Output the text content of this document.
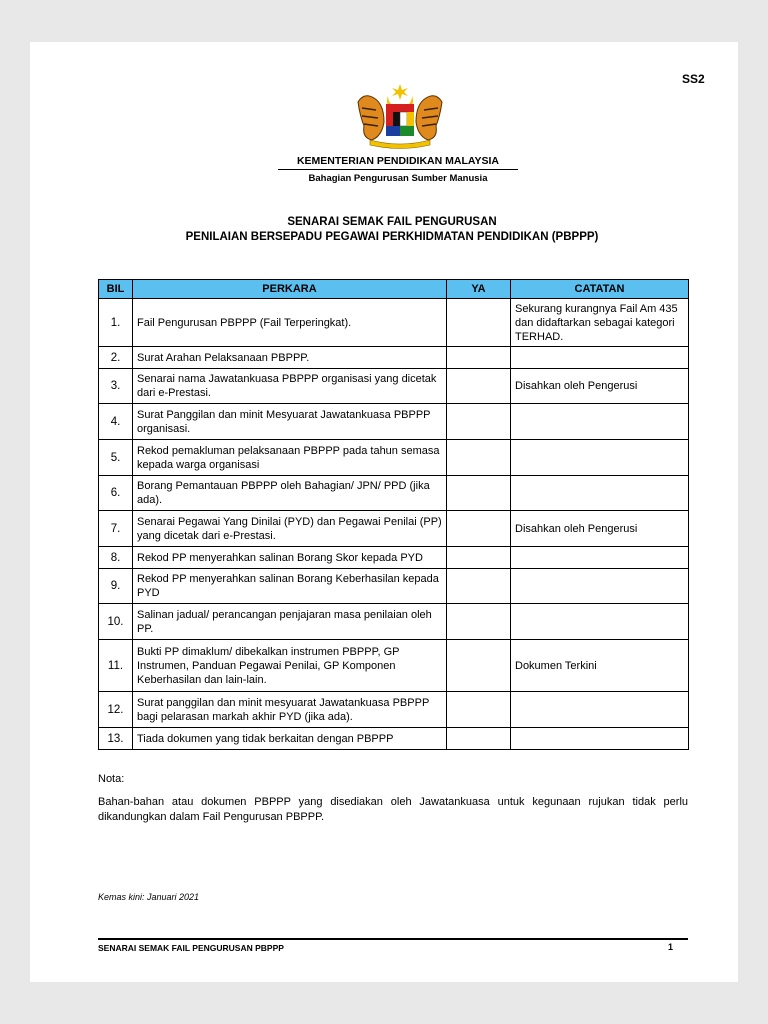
SS2
KEMENTERIAN PENDIDIKAN MALAYSIA
Bahagian Pengurusan Sumber Manusia
SENARAI SEMAK FAIL PENGURUSAN
PENILAIAN BERSEPADU PEGAWAI PERKHIDMATAN PENDIDIKAN (PBPPP)
BIL	PERKARA	YA	CATATAN
1.	Fail Pengurusan PBPPP (Fail Terperingkat).		Sekurang kurangnya Fail Am 435 dan didaftarkan sebagai kategori TERHAD.
2.	Surat Arahan Pelaksanaan PBPPP.		
3.	Senarai nama Jawatankuasa PBPPP organisasi yang dicetak dari e-Prestasi.		Disahkan oleh Pengerusi
4.	Surat Panggilan dan minit Mesyuarat Jawatankuasa PBPPP organisasi.		
5.	Rekod pemakluman pelaksanaan PBPPP pada tahun semasa kepada warga organisasi		
6.	Borang Pemantauan PBPPP oleh Bahagian/ JPN/ PPD (jika ada).		
7.	Senarai Pegawai Yang Dinilai (PYD) dan Pegawai Penilai (PP) yang dicetak dari e-Prestasi.		Disahkan oleh Pengerusi
8.	Rekod PP menyerahkan salinan Borang Skor kepada PYD		
9.	Rekod PP menyerahkan salinan Borang Keberhasilan kepada PYD		
10.	Salinan jadual/ perancangan penjajaran masa penilaian oleh PP.		
11.	Bukti PP dimaklum/ dibekalkan instrumen PBPPP, GP Instrumen, Panduan Pegawai Penilai, GP Komponen Keberhasilan dan lain-lain.		Dokumen Terkini
12.	Surat panggilan dan minit mesyuarat Jawatankuasa PBPPP bagi pelarasan markah akhir PYD (jika ada).		
13.	Tiada dokumen yang tidak berkaitan dengan PBPPP		
Nota:
Bahan-bahan atau dokumen PBPPP yang disediakan oleh Jawatankuasa untuk kegunaan rujukan tidak perlu dikandungkan dalam Fail Pengurusan PBPPP.
Kemas kini: Januari 2021
SENARAI SEMAK FAIL PENGURUSAN PBPPP	1
